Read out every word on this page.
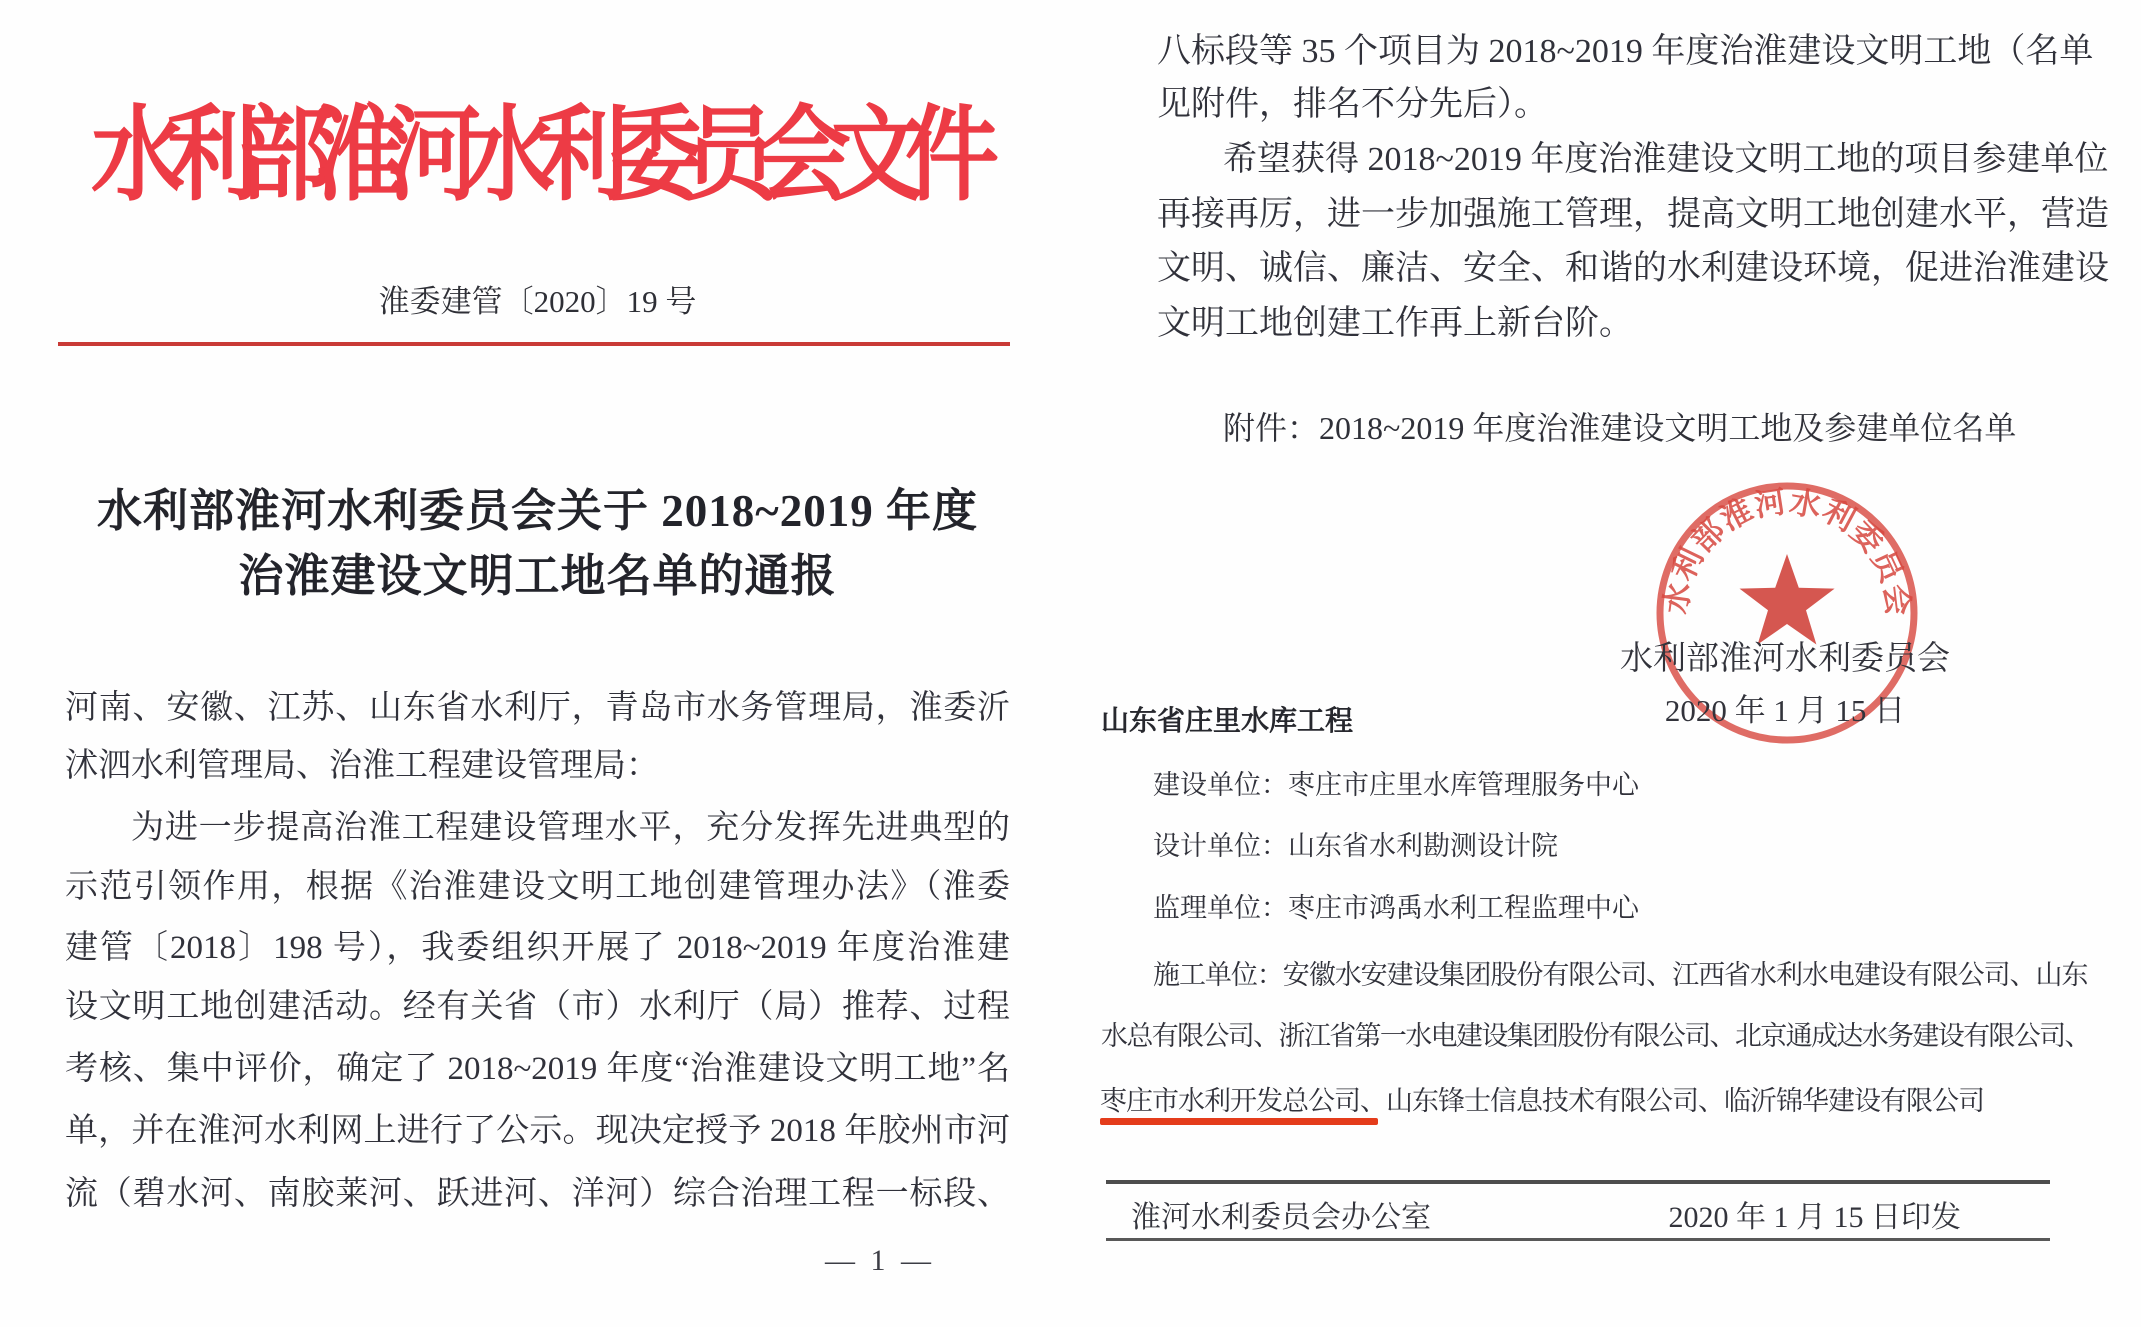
水利部淮河水利委员会文件
淮委建管〔2020〕19 号
水利部淮河水利委员会关于 2018~2019 年度
治淮建设文明工地名单的通报
河南、安徽、江苏、山东省水利厅，青岛市水务管理局，淮委沂
沭泗水利管理局、治淮工程建设管理局：
为进一步提高治淮工程建设管理水平，充分发挥先进典型的
示范引领作用，根据《治淮建设文明工地创建管理办法》（淮委
建管〔2018〕198 号），我委组织开展了 2018~2019 年度治淮建
设文明工地创建活动。经有关省（市）水利厅（局）推荐、过程
考核、集中评价，确定了 2018~2019 年度“治淮建设文明工地”名
单，并在淮河水利网上进行了公示。现决定授予 2018 年胶州市河
流（碧水河、南胶莱河、跃进河、洋河）综合治理工程一标段、
— 1 —
八标段等 35 个项目为 2018~2019 年度治淮建设文明工地（名单
见附件，排名不分先后）。
希望获得 2018~2019 年度治淮建设文明工地的项目参建单位
再接再厉，进一步加强施工管理，提高文明工地创建水平，营造
文明、诚信、廉洁、安全、和谐的水利建设环境，促进治淮建设
文明工地创建工作再上新台阶。
附件：2018~2019 年度治淮建设文明工地及参建单位名单
水利部淮河水利委员会
水利部淮河水利委员会
2020 年 1 月 15 日
山东省庄里水库工程
建设单位：枣庄市庄里水库管理服务中心
设计单位：山东省水利勘测设计院
监理单位：枣庄市鸿禹水利工程监理中心
施工单位：安徽水安建设集团股份有限公司、江西省水利水电建设有限公司、山东
水总有限公司、浙江省第一水电建设集团股份有限公司、北京通成达水务建设有限公司、
枣庄市水利开发总公司、山东锋士信息技术有限公司、临沂锦华建设有限公司
淮河水利委员会办公室	2020 年 1 月 15 日印发
